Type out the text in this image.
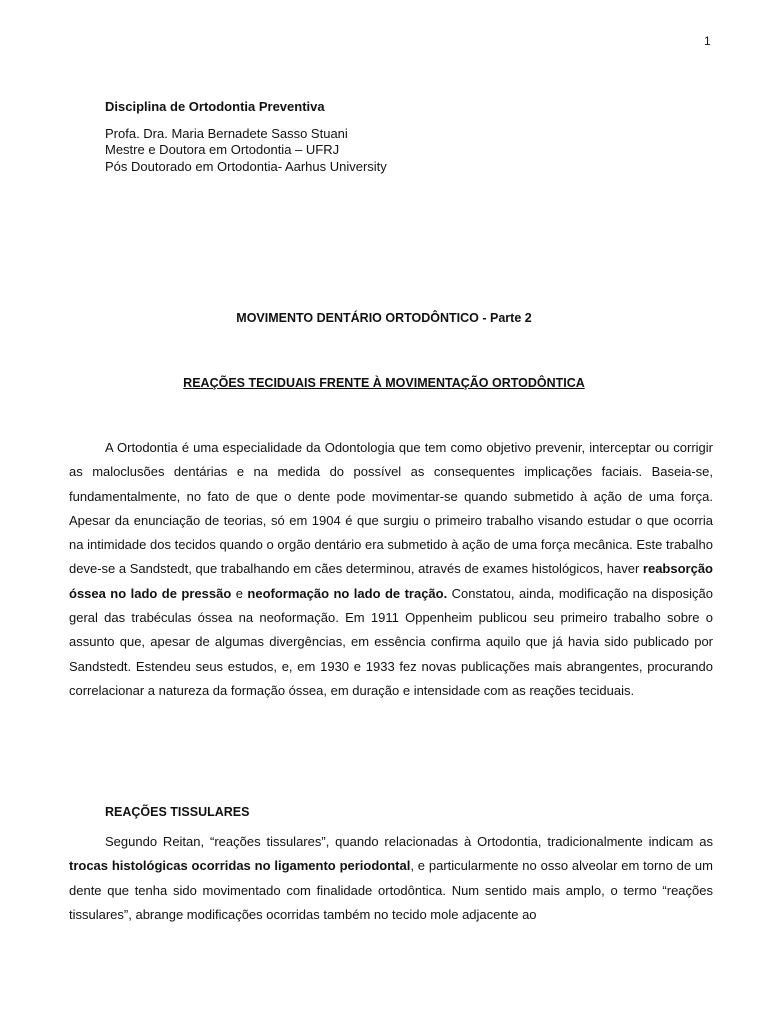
1
Disciplina de Ortodontia Preventiva
Profa. Dra. Maria Bernadete Sasso Stuani
Mestre e Doutora em Ortodontia – UFRJ
Pós Doutorado em Ortodontia- Aarhus University
MOVIMENTO DENTÁRIO ORTODÔNTICO - Parte 2
REAÇÕES TECIDUAIS FRENTE À MOVIMENTAÇÃO ORTODÔNTICA

A Ortodontia é uma especialidade da Odontologia que tem como objetivo prevenir, interceptar ou corrigir as maloclusões dentárias e na medida do possível as consequentes implicações faciais. Baseia-se, fundamentalmente, no fato de que o dente pode movimentar-se quando submetido à ação de uma força. Apesar da enunciação de teorias, só em 1904 é que surgiu o primeiro trabalho visando estudar o que ocorria na intimidade dos tecidos quando o orgão dentário era submetido à ação de uma força mecânica. Este trabalho deve-se a Sandstedt, que trabalhando em cães determinou, através de exames histológicos, haver reabsorção óssea no lado de pressão e neoformação no lado de tração. Constatou, ainda, modificação na disposição geral das trabéculas óssea na neoformação. Em 1911 Oppenheim publicou seu primeiro trabalho sobre o assunto que, apesar de algumas divergências, em essência confirma aquilo que já havia sido publicado por Sandstedt. Estendeu seus estudos, e, em 1930 e 1933 fez novas publicações mais abrangentes, procurando correlacionar a natureza da formação óssea, em duração e intensidade com as reações teciduais.

REAÇÕES TISSULARES

Segundo Reitan, “reações tissulares”, quando relacionadas à Ortodontia, tradicionalmente indicam as trocas histológicas ocorridas no ligamento periodontal, e particularmente no osso alveolar em torno de um dente que tenha sido movimentado com finalidade ortodôntica. Num sentido mais amplo, o termo “reações tissulares”, abrange modificações ocorridas também no tecido mole adjacente ao
